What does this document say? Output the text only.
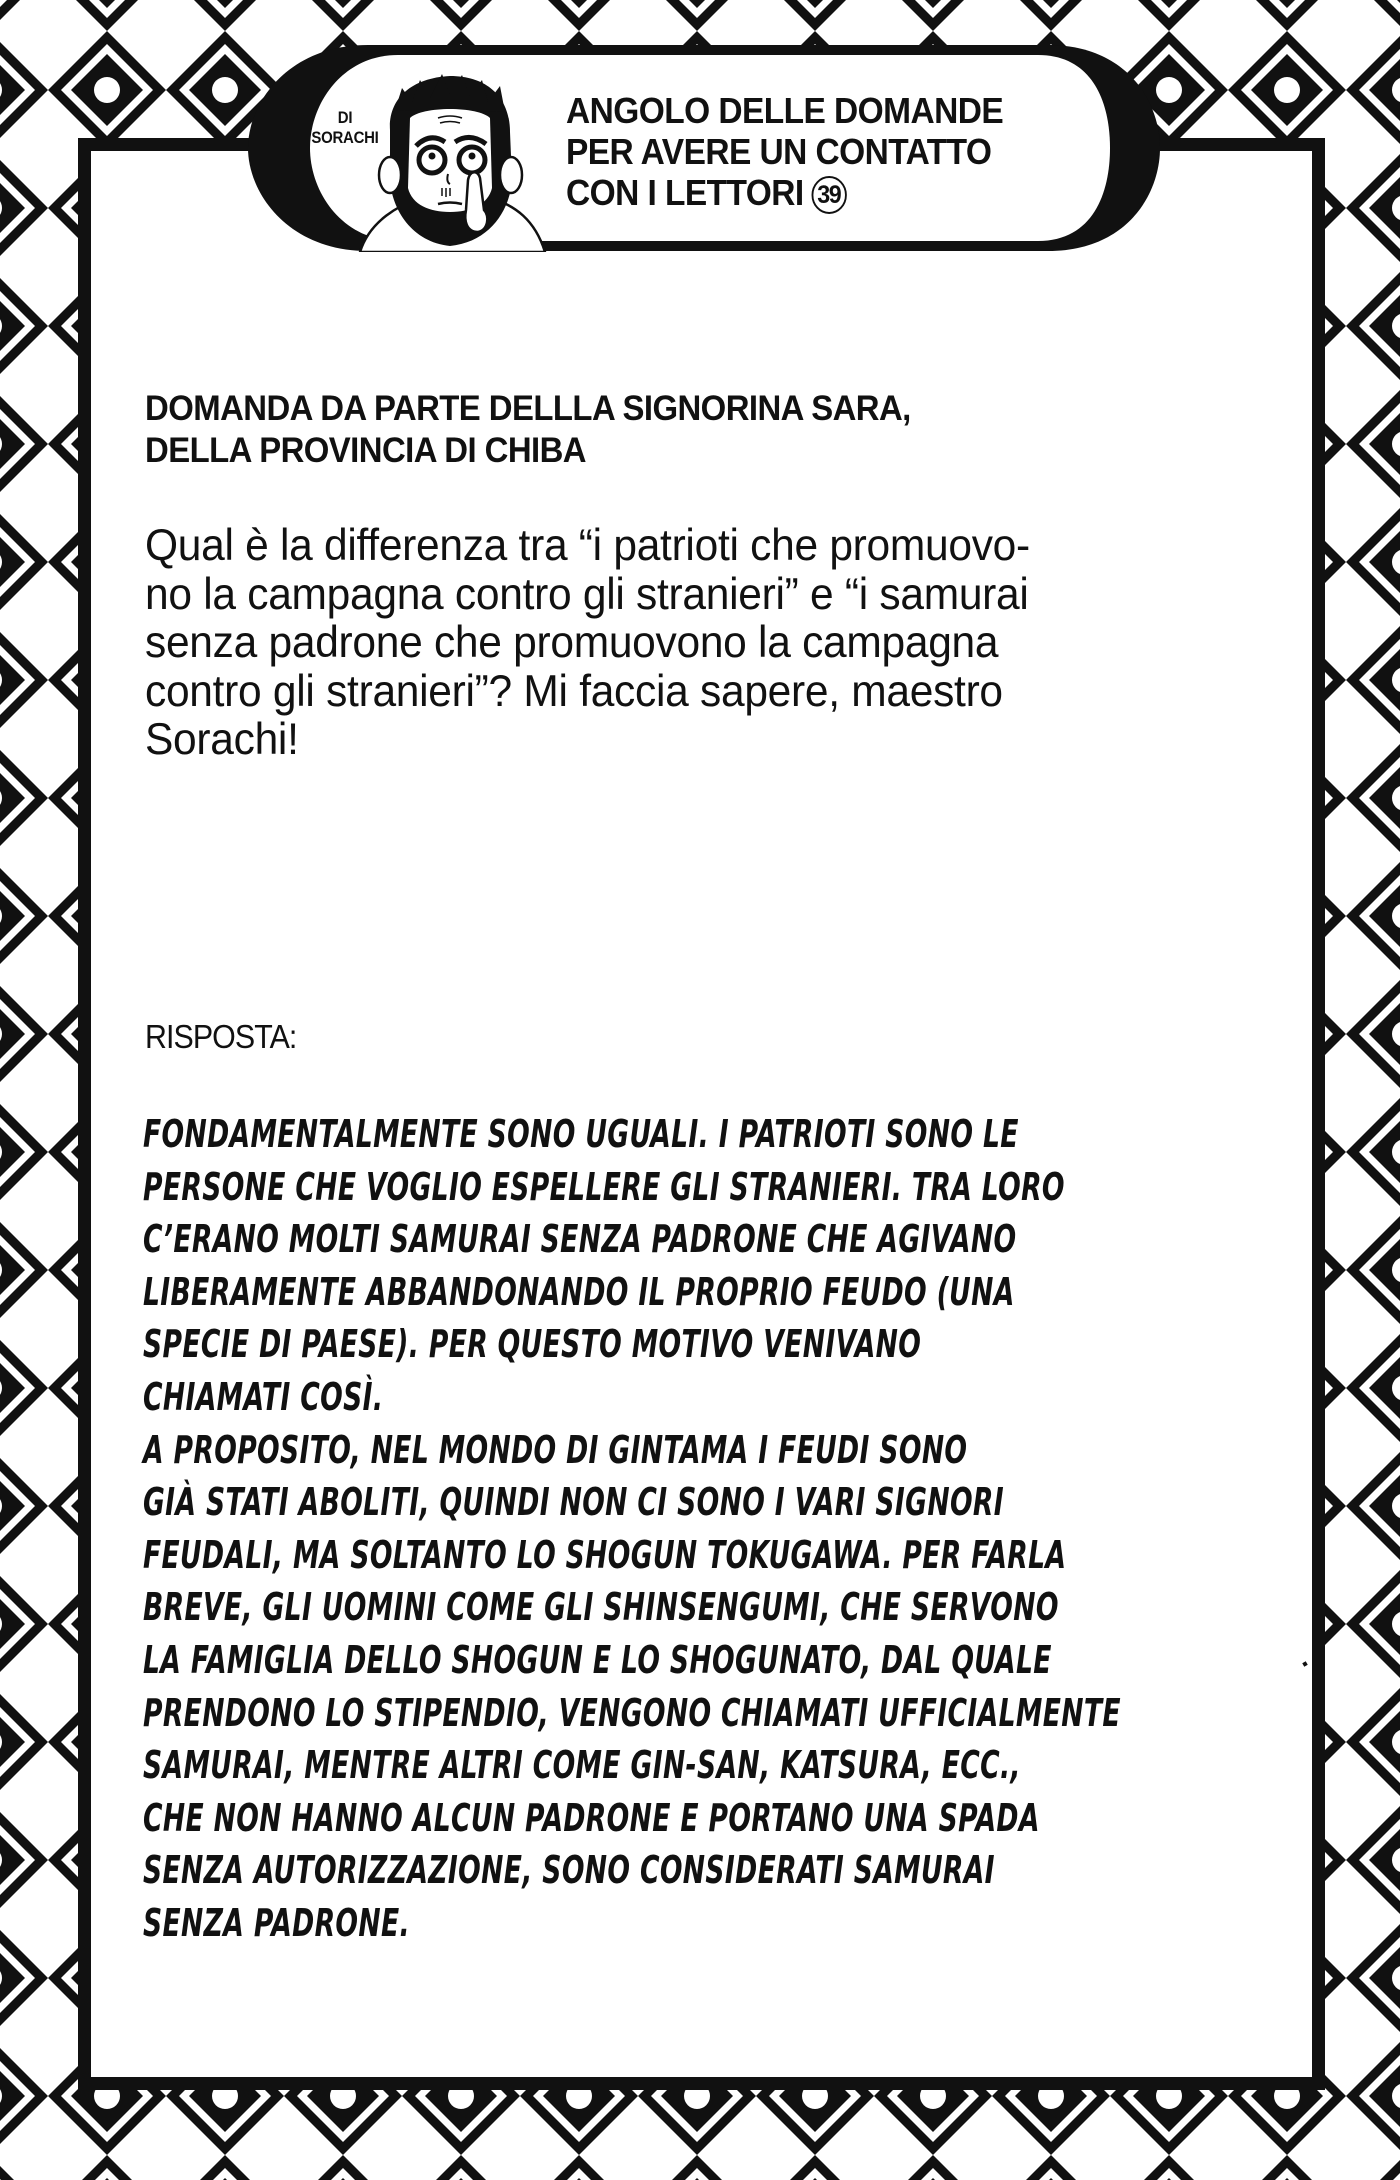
DI
SORACHI
ANGOLO DELLE DOMANDE
PER AVERE UN CONTATTO
CON I LETTORI 39
DOMANDA DA PARTE DELLLA SIGNORINA SARA,
DELLA PROVINCIA DI CHIBA
Qual è la differenza tra “i patrioti che promuovo-
no la campagna contro gli stranieri” e “i samurai
senza padrone che promuovono la campagna
contro gli stranieri”? Mi faccia sapere, maestro
Sorachi!
RISPOSTA:
FONDAMENTALMENTE SONO UGUALI. I PATRIOTI SONO LE
PERSONE CHE VOGLIO ESPELLERE GLI STRANIERI. TRA LORO
C’ERANO MOLTI SAMURAI SENZA PADRONE CHE AGIVANO
LIBERAMENTE ABBANDONANDO IL PROPRIO FEUDO (UNA
SPECIE DI PAESE). PER QUESTO MOTIVO VENIVANO
CHIAMATI COSÌ.
A PROPOSITO, NEL MONDO DI GINTAMA I FEUDI SONO
GIÀ STATI ABOLITI, QUINDI NON CI SONO I VARI SIGNORI
FEUDALI, MA SOLTANTO LO SHOGUN TOKUGAWA. PER FARLA
BREVE, GLI UOMINI COME GLI SHINSENGUMI, CHE SERVONO
LA FAMIGLIA DELLO SHOGUN E LO SHOGUNATO, DAL QUALE
PRENDONO LO STIPENDIO, VENGONO CHIAMATI UFFICIALMENTE
SAMURAI, MENTRE ALTRI COME GIN-SAN, KATSURA, ECC.,
CHE NON HANNO ALCUN PADRONE E PORTANO UNA SPADA
SENZA AUTORIZZAZIONE, SONO CONSIDERATI SAMURAI
SENZA PADRONE.
